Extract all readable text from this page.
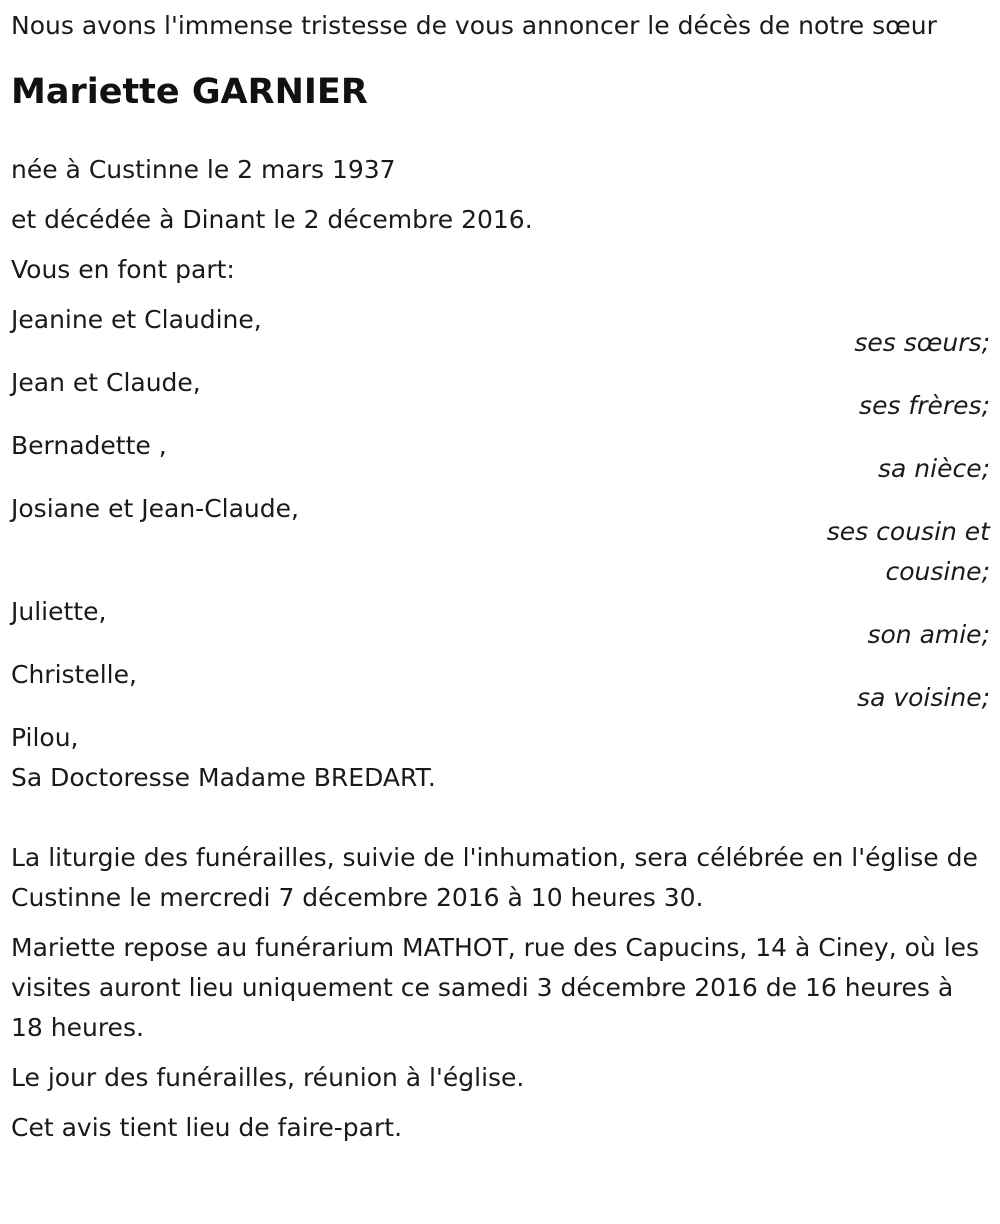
Nous avons l'immense tristesse de vous annoncer le décès de notre sœur

Mariette GARNIER

née à Custinne le 2 mars 1937

et décédée à Dinant le 2 décembre 2016.

Vous en font part:

Jeanine et Claudine,

ses sœurs;

Jean et Claude,

ses frères;

Bernadette ,

sa nièce;

Josiane et Jean-Claude,

ses cousin et cousine;

Juliette,

son amie;

Christelle,

sa voisine;

Pilou,

Sa Doctoresse Madame BREDART.

La liturgie des funérailles, suivie de l'inhumation, sera célébrée en l'église de Custinne le mercredi 7 décembre 2016 à 10 heures 30.

Mariette repose au funérarium MATHOT, rue des Capucins, 14 à Ciney, où les visites auront lieu uniquement ce samedi 3 décembre 2016 de 16 heures à 18 heures.

Le jour des funérailles, réunion à l'église.

Cet avis tient lieu de faire-part.
